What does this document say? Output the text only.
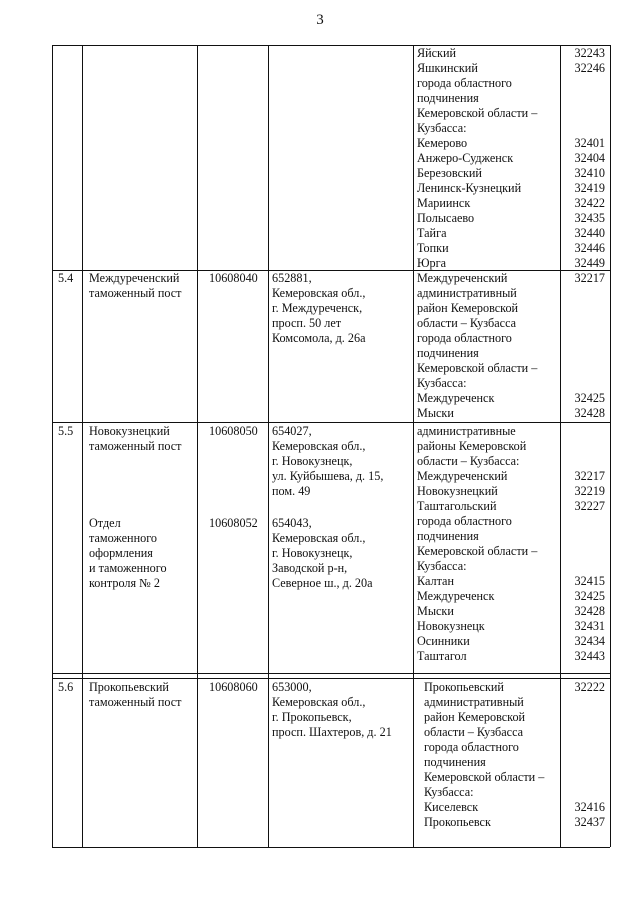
3
Яйский
Яшкинский
города областного
подчинения
Кемеровской области –
Кузбасса:
Кемерово
Анжеро-Судженск
Березовский
Ленинск-Кузнецкий
Мариинск
Полысаево
Тайга
Топки
Юрга
32243
32246
32401
32404
32410
32419
32422
32435
32440
32446
32449
5.4 Междуреченский
таможенный пост
10608040 652881,
Кемеровская обл.,
г. Междуреченск,
просп. 50 лет
Комсомола, д. 26а
Междуреченский
административный
район Кемеровской
области – Кузбасса
города областного
подчинения
Кемеровской области –
Кузбасса:
Междуреченск
Мыски
32217
32425
32428
5.5 Новокузнецкий
таможенный пост
10608050 654027,
Кемеровская обл.,
г. Новокузнецк,
ул. Куйбышева, д. 15,
пом. 49
административные
районы Кемеровской
области – Кузбасса:
Междуреченский
Новокузнецкий
Таштагольский
города областного
подчинения
Кемеровской области –
Кузбасса:
Калтан
Междуреченск
Мыски
Новокузнецк
Осинники
Таштагол
32217
32219
32227
32415
32425
32428
32431
32434
32443
Отдел
таможенного
оформления
и таможенного
контроля № 2
10608052 654043,
Кемеровская обл.,
г. Новокузнецк,
Заводской р-н,
Северное ш., д. 20а
5.6 Прокопьевский
таможенный пост
10608060 653000,
Кемеровская обл.,
г. Прокопьевск,
просп. Шахтеров, д. 21
Прокопьевский
административный
район Кемеровской
области – Кузбасса
города областного
подчинения
Кемеровской области –
Кузбасса:
Киселевск
Прокопьевск
32222
32416
32437
